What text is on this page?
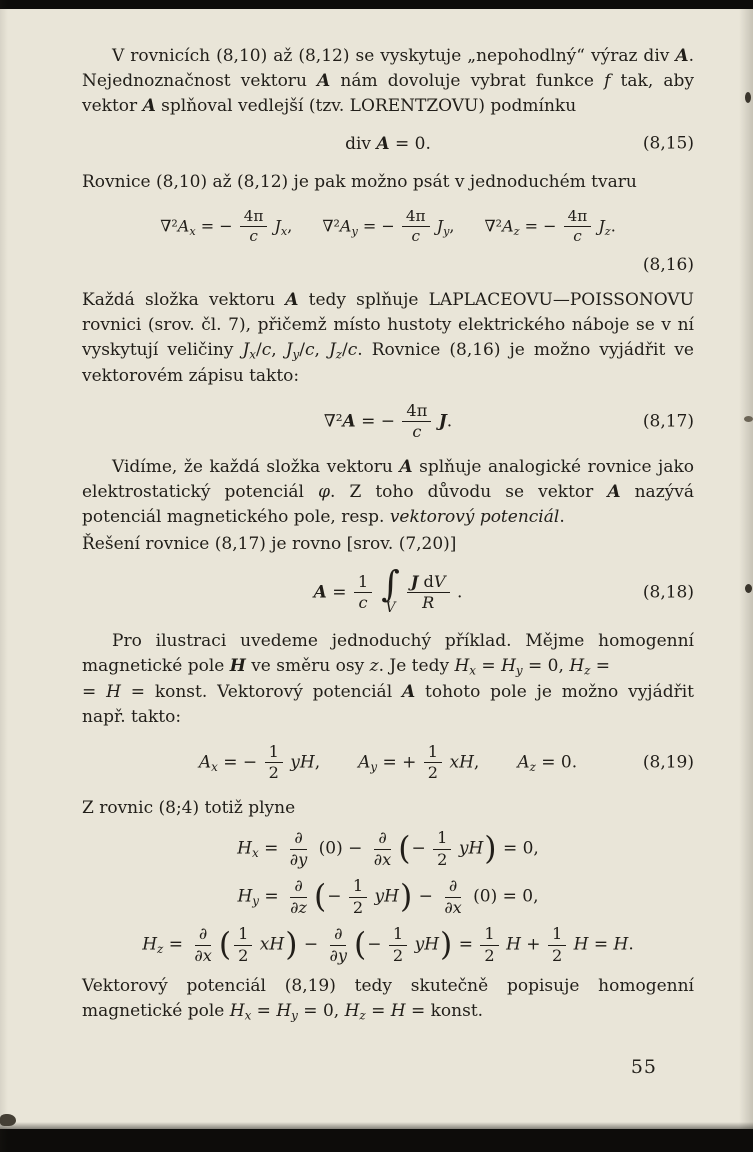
V rovnicích (8,10) až (8,12) se vyskytuje „nepohodlný“ výraz div A. Nejednoznačnost vektoru A nám dovoluje vybrat funkce f tak, aby vektor A splňoval vedlejší (tzv. LORENTZOVU) podmínku

div A = 0.	(8,15)

Rovnice (8,10) až (8,12) je pak možno psát v jednoduchém tvaru

$\nabla^2A_x$ = − $\frac{4\pi}{c} J_x$, $\nabla^2A_y$ = − $\frac{4\pi}{c} J_y$, $\nabla^2A_z$ = − $\frac{4\pi}{c} J_z$.
(8,16)

Každá složka vektoru A tedy splňuje LAPLACEOVU—POISSONOVU rovnici (srov. čl. 7), přičemž místo hustoty elektrického náboje se v ní vyskytují veličiny $J_x/c$, $J_y/c$, $J_z/c$. Rovnice (8,16) je možno vyjádřit ve vektorovém zápisu takto:

∇²A = − $\frac{4\pi}{c} J$.	(8,17)

Vidíme, že každá složka vektoru A splňuje analogické rovnice jako elektrostatický potenciál φ. Z toho důvodu se vektor A nazývá potenciál magnetického pole, resp. vektorový potenciál.

Řešení rovnice (8,17) je rovno [srov. (7,20)]

$A = \frac{1}{c}$ ∫
V $\frac{\text{J dV}}{R}$ .	(8,18)

Pro ilustraci uvedeme jednoduchý příklad. Mějme homogenní magnetické pole H ve směru osy z. Je tedy $H_x = H_y = 0$, $H_z$ =
= H = konst. Vektorový potenciál A tohoto pole je možno vyjádřit např. takto:

$A_x$ = − $\frac{1}{2}$ yH, $A_y$ = + $\frac{1}{2}$ xH, $A_z = 0$.	(8,19)

Z rovnic (8;4) totiž plyne

$H_x = \frac{\partial}{\partial y} (0) - \frac{\partial}{\partial x}$ (− $\frac{1}{2} yH) = 0$,
$H_y = \frac{\partial}{\partial z}$ (− $\frac{1}{2} yH) - \frac{\partial}{\partial x} (0) = 0$,
$H_z = \frac{\partial}{\partial x}$ ( $\frac{1}{2} xH) - \frac{\partial}{\partial y}$ (− $\frac{1}{2} yH) = \frac{1}{2}$ $H + \frac{1}{2}$ H = H.

Vektorový potenciál (8,19) tedy skutečně popisuje homogenní magnetické pole $H_x = H_y = 0$, $H_z = H$ = konst.

55
